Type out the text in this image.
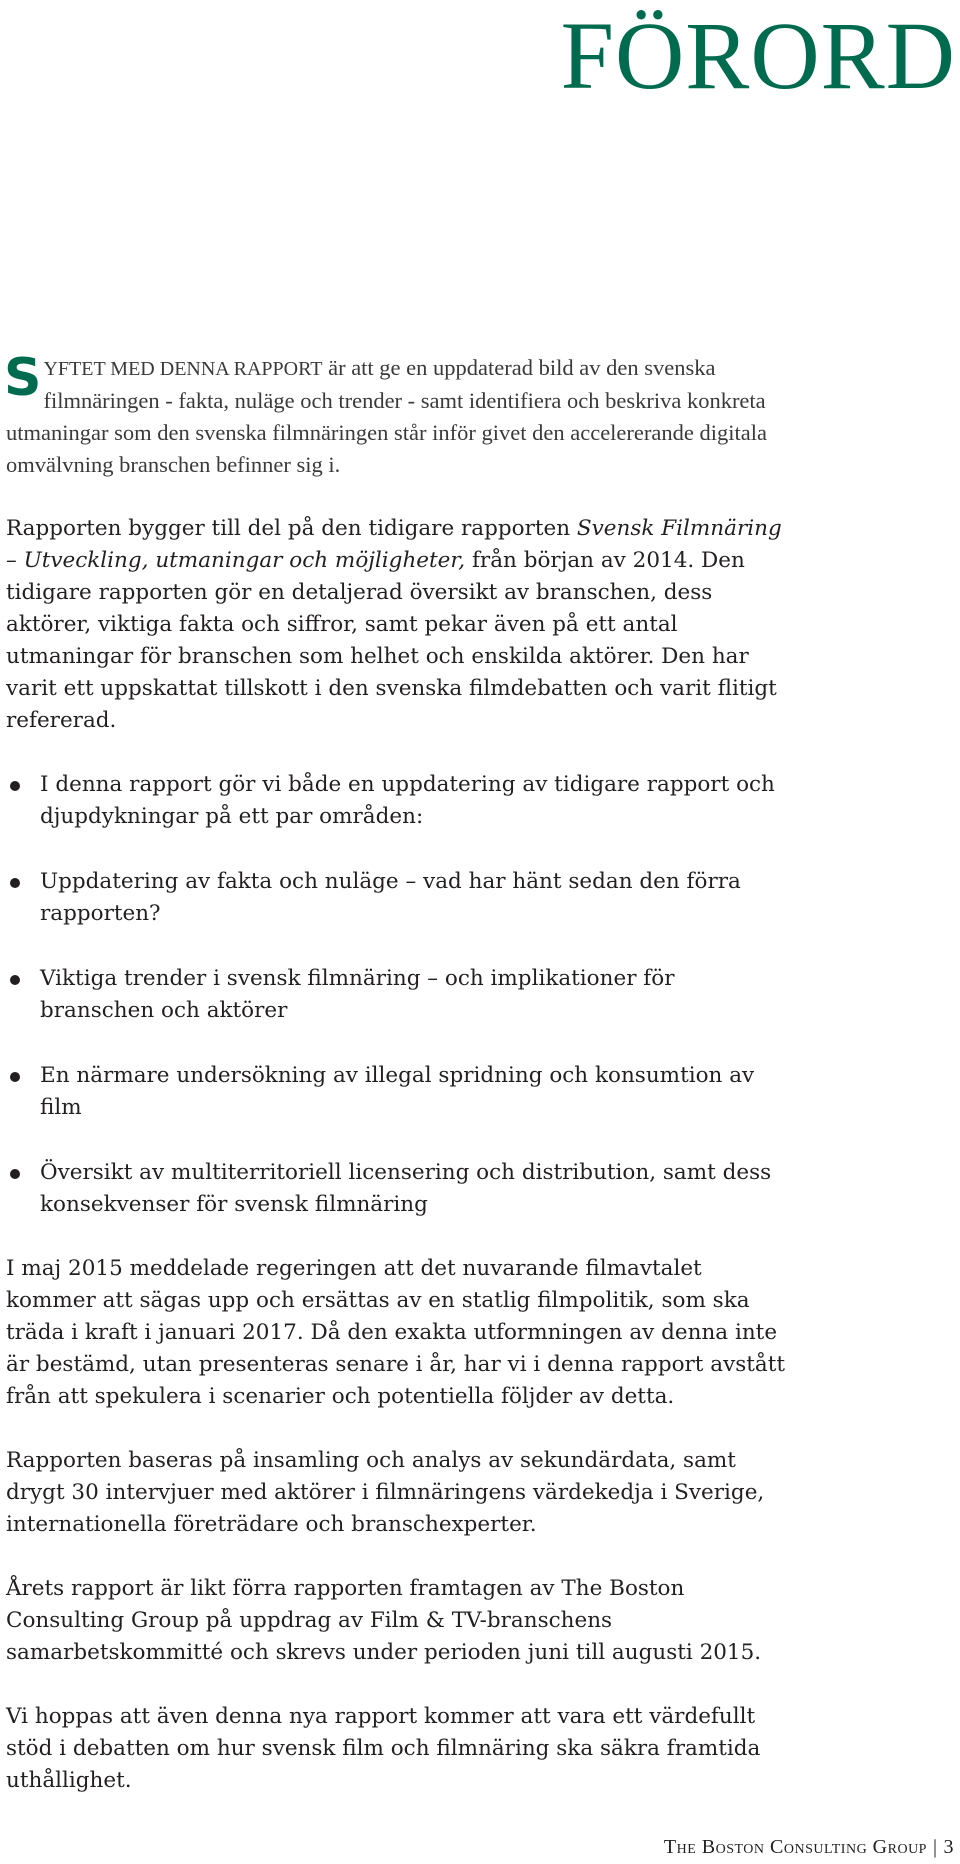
FÖRORD

SYFTET MED DENNA RAPPORT är att ge en uppdaterad bild av den svenska filmnäringen - fakta, nuläge och trender - samt identifiera och beskriva konkreta utmaningar som den svenska filmnäringen står inför givet den accelererande digitala omvälvning branschen befinner sig i.

Rapporten bygger till del på den tidigare rapporten Svensk Filmnäring – Utveckling, utmaningar och möjligheter, från början av 2014. Den tidigare rapporten gör en detaljerad översikt av branschen, dess aktörer, viktiga fakta och siffror, samt pekar även på ett antal utmaningar för branschen som helhet och enskilda aktörer. Den har varit ett uppskattat tillskott i den svenska filmdebatten och varit flitigt refererad.

I denna rapport gör vi både en uppdatering av tidigare rapport och djupdykningar på ett par områden:
Uppdatering av fakta och nuläge – vad har hänt sedan den förra rapporten?
Viktiga trender i svensk filmnäring – och implikationer för branschen och aktörer
En närmare undersökning av illegal spridning och konsumtion av film
Översikt av multiterritoriell licensering och distribution, samt dess konsekvenser för svensk filmnäring

I maj 2015 meddelade regeringen att det nuvarande filmavtalet kommer att sägas upp och ersättas av en statlig filmpolitik, som ska träda i kraft i januari 2017. Då den exakta utformningen av denna inte är bestämd, utan presenteras senare i år, har vi i denna rapport avstått från att spekulera i scenarier och potentiella följder av detta.

Rapporten baseras på insamling och analys av sekundärdata, samt drygt 30 intervjuer med aktörer i filmnäringens värdekedja i Sverige, internationella företrädare och branschexperter.

Årets rapport är likt förra rapporten framtagen av The Boston Consulting Group på uppdrag av Film & TV-branschens samarbetskommitté och skrevs under perioden juni till augusti 2015.

Vi hoppas att även denna nya rapport kommer att vara ett värdefullt stöd i debatten om hur svensk film och filmnäring ska säkra framtida uthållighet.

The Boston Consulting Group | 3
